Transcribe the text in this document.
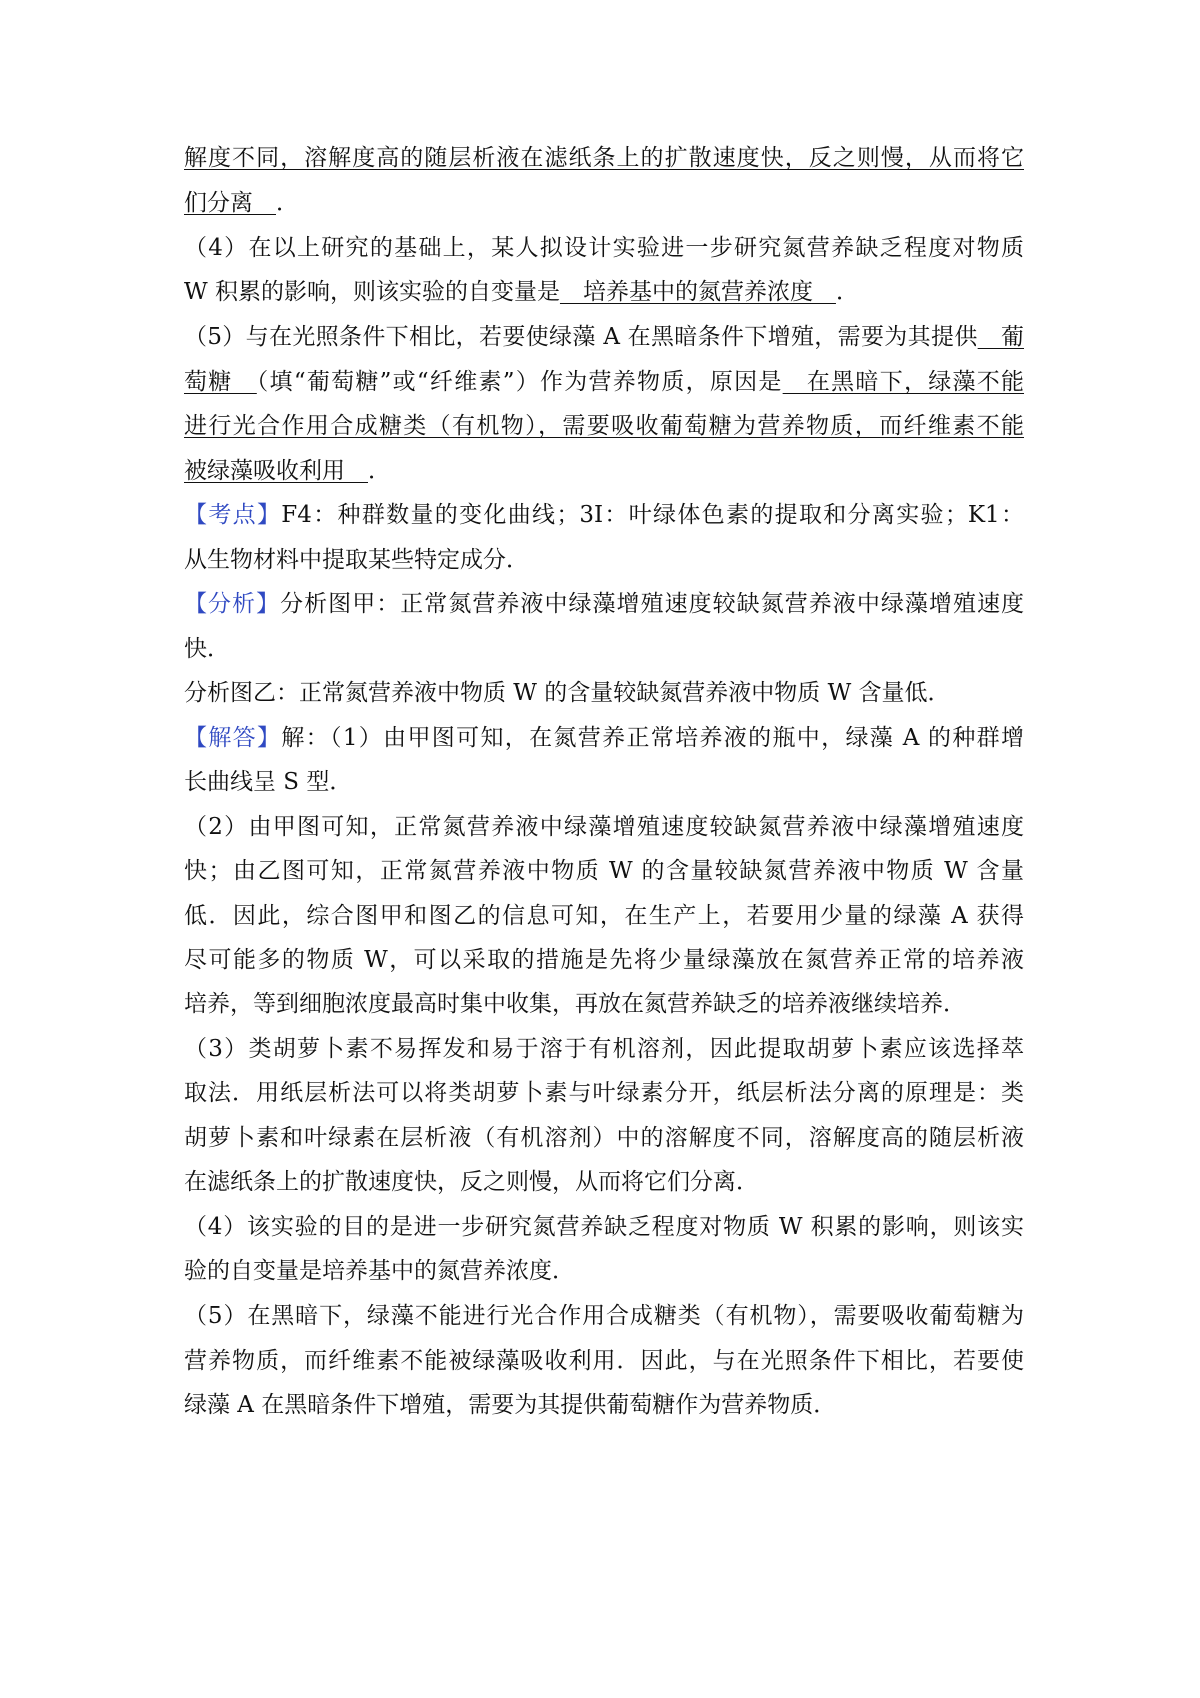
解度不同，溶解度高的随层析液在滤纸条上的扩散速度快，反之则慢，从而将它
们分离　．
（4）在以上研究的基础上，某人拟设计实验进一步研究氮营养缺乏程度对物质
W 积累的影响，则该实验的自变量是　培养基中的氮营养浓度　．
（5）与在光照条件下相比，若要使绿藻 A 在黑暗条件下增殖，需要为其提供　葡
萄糖　（填“葡萄糖”或“纤维素”）作为营养物质，原因是　在黑暗下，绿藻不能
进行光合作用合成糖类（有机物），需要吸收葡萄糖为营养物质，而纤维素不能
被绿藻吸收利用　．
【考点】F4：种群数量的变化曲线；3I：叶绿体色素的提取和分离实验；K1：
从生物材料中提取某些特定成分．
【分析】分析图甲：正常氮营养液中绿藻增殖速度较缺氮营养液中绿藻增殖速度
快．
分析图乙：正常氮营养液中物质 W 的含量较缺氮营养液中物质 W 含量低．
【解答】解：（1）由甲图可知，在氮营养正常培养液的瓶中，绿藻 A 的种群增
长曲线呈 S 型．
（2）由甲图可知，正常氮营养液中绿藻增殖速度较缺氮营养液中绿藻增殖速度
快；由乙图可知，正常氮营养液中物质 W 的含量较缺氮营养液中物质 W 含量
低．因此，综合图甲和图乙的信息可知，在生产上，若要用少量的绿藻 A 获得
尽可能多的物质 W，可以采取的措施是先将少量绿藻放在氮营养正常的培养液
培养，等到细胞浓度最高时集中收集，再放在氮营养缺乏的培养液继续培养．
（3）类胡萝卜素不易挥发和易于溶于有机溶剂，因此提取胡萝卜素应该选择萃
取法．用纸层析法可以将类胡萝卜素与叶绿素分开，纸层析法分离的原理是：类
胡萝卜素和叶绿素在层析液（有机溶剂）中的溶解度不同，溶解度高的随层析液
在滤纸条上的扩散速度快，反之则慢，从而将它们分离．
（4）该实验的目的是进一步研究氮营养缺乏程度对物质 W 积累的影响，则该实
验的自变量是培养基中的氮营养浓度．
（5）在黑暗下，绿藻不能进行光合作用合成糖类（有机物），需要吸收葡萄糖为
营养物质，而纤维素不能被绿藻吸收利用．因此，与在光照条件下相比，若要使
绿藻 A 在黑暗条件下增殖，需要为其提供葡萄糖作为营养物质．
